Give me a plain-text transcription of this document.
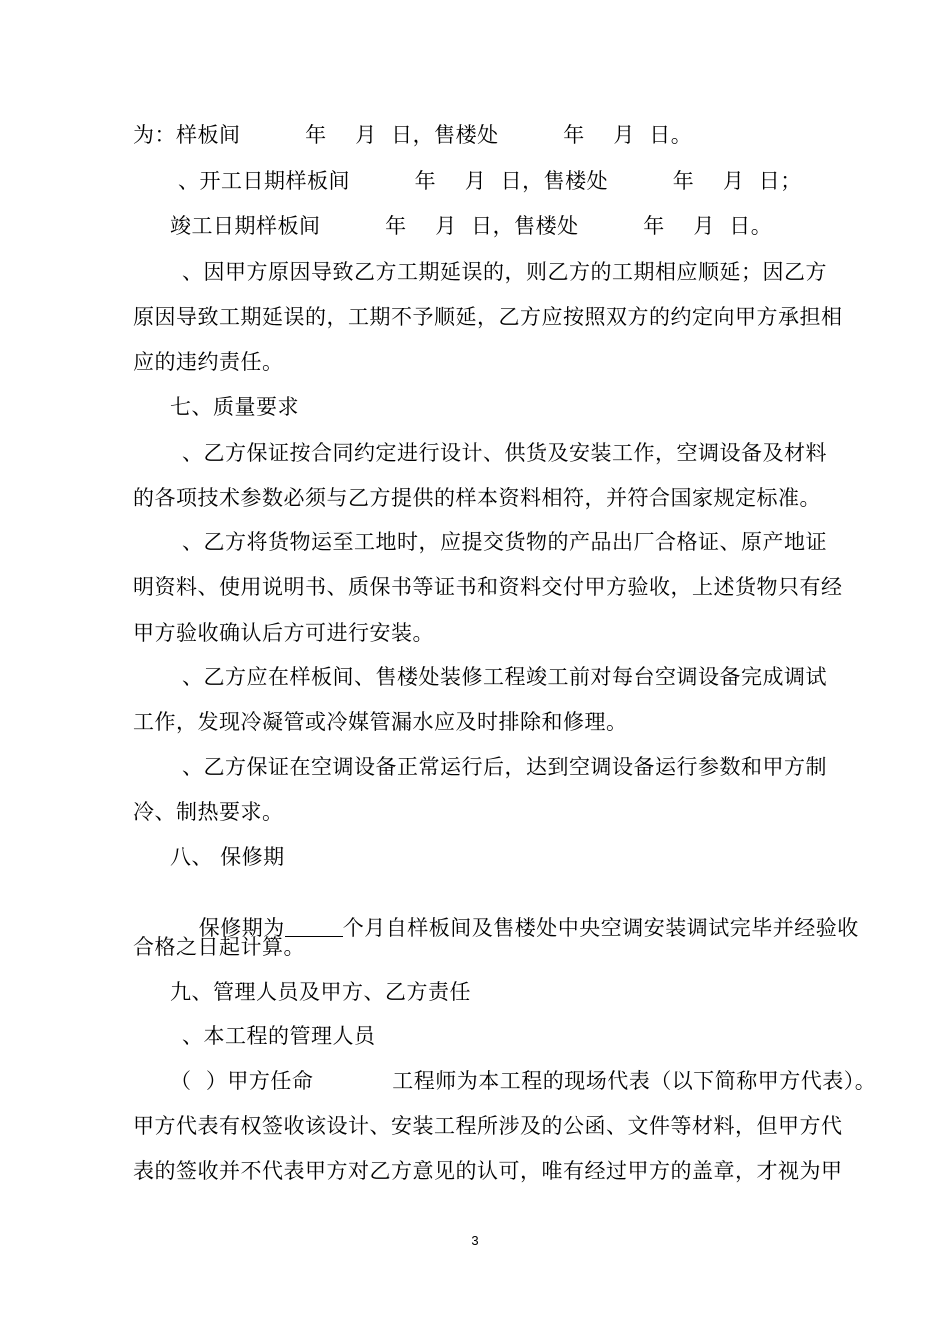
为：样板间         年    月  日，售楼处         年    月  日。
、开工日期样板间         年    月  日，售楼处         年    月  日；
竣工日期样板间         年    月  日，售楼处         年    月  日。
、因甲方原因导致乙方工期延误的，则乙方的工期相应顺延；因乙方
原因导致工期延误的，工期不予顺延，乙方应按照双方的约定向甲方承担相
应的违约责任。
七、质量要求
、乙方保证按合同约定进行设计、供货及安装工作，空调设备及材料
的各项技术参数必须与乙方提供的样本资料相符，并符合国家规定标准。
、乙方将货物运至工地时，应提交货物的产品出厂合格证、原产地证
明资料、使用说明书、质保书等证书和资料交付甲方验收，上述货物只有经
甲方验收确认后方可进行安装。
、乙方应在样板间、售楼处装修工程竣工前对每台空调设备完成调试
工作，发现冷凝管或冷媒管漏水应及时排除和修理。
、乙方保证在空调设备正常运行后，达到空调设备运行参数和甲方制
冷、制热要求。
八、 保修期

保修期为	个月自样板间及售楼处中央空调安装调试完毕并经验收

合格之日起计算。
九、管理人员及甲方、乙方责任
、本工程的管理人员
（  ）甲方任命           工程师为本工程的现场代表（以下简称甲方代表）。
甲方代表有权签收该设计、安装工程所涉及的公函、文件等材料，但甲方代
表的签收并不代表甲方对乙方意见的认可，唯有经过甲方的盖章，才视为甲
3
